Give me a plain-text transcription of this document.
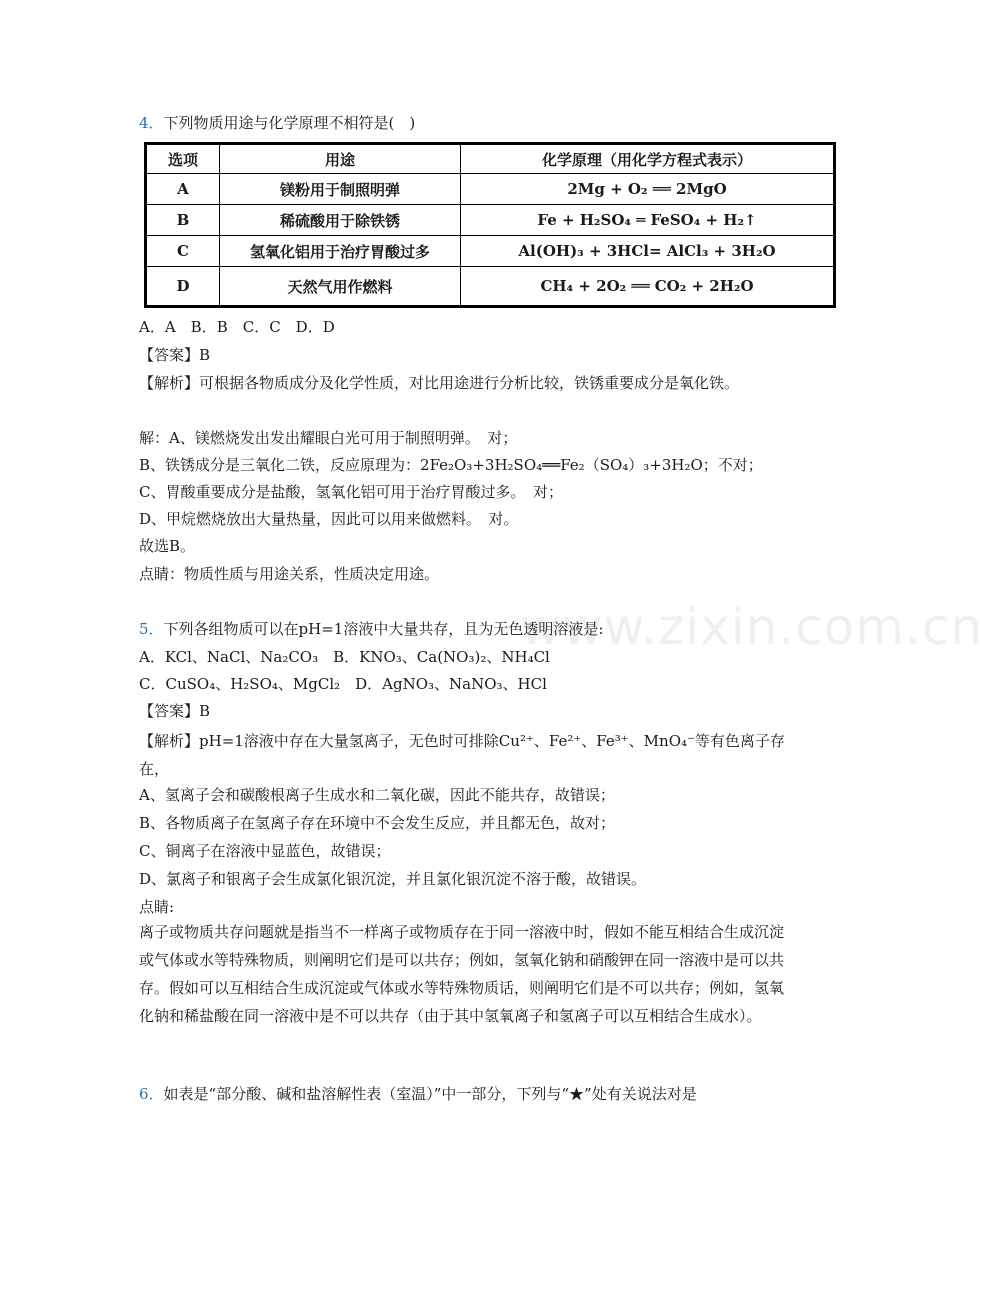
www.zixin.com.cn
4．下列物质用途与化学原理不相符是(　)
选项	用途	化学原理（用化学方程式表示）
A	镁粉用于制照明弹	2Mg + O₂ ══ 2MgO
B	稀硫酸用于除铁锈	Fe + H₂SO₄ ═ FeSO₄ + H₂↑
C	氢氧化铝用于治疗胃酸过多	Al(OH)₃ + 3HCl= AlCl₃ + 3H₂O
D	天然气用作燃料	CH₄ + 2O₂ ══ CO₂ + 2H₂O
A．A　B．B　C．C　D．D
【答案】B
【解析】可根据各物质成分及化学性质，对比用途进行分析比较，铁锈重要成分是氧化铁。
解：A、镁燃烧发出发出耀眼白光可用于制照明弹。　对；
B、铁锈成分是三氧化二铁，反应原理为：2Fe₂O₃+3H₂SO₄══Fe₂（SO₄）₃+3H₂O；不对；
C、胃酸重要成分是盐酸，氢氧化铝可用于治疗胃酸过多。　对；
D、甲烷燃烧放出大量热量，因此可以用来做燃料。　对。
故选B。
点睛：物质性质与用途关系，性质决定用途。
5．下列各组物质可以在pH=1溶液中大量共存，且为无色透明溶液是:
A．KCl、NaCl、Na₂CO₃　B．KNO₃、Ca(NO₃)₂、NH₄Cl
C．CuSO₄、H₂SO₄、MgCl₂　D．AgNO₃、NaNO₃、HCl
【答案】B
【解析】pH=1溶液中存在大量氢离子，无色时可排除Cu²⁺、Fe²⁺、Fe³⁺、MnO₄⁻等有色离子存在，
A、氢离子会和碳酸根离子生成水和二氧化碳，因此不能共存，故错误；
B、各物质离子在氢离子存在环境中不会发生反应，并且都无色，故对；
C、铜离子在溶液中显蓝色，故错误；
D、氯离子和银离子会生成氯化银沉淀，并且氯化银沉淀不溶于酸，故错误。
点睛:
离子或物质共存问题就是指当不一样离子或物质存在于同一溶液中时，假如不能互相结合生成沉淀或气体或水等特殊物质，则阐明它们是可以共存；例如，氢氧化钠和硝酸钾在同一溶液中是可以共存。假如可以互相结合生成沉淀或气体或水等特殊物质话，则阐明它们是不可以共存；例如，氢氧化钠和稀盐酸在同一溶液中是不可以共存（由于其中氢氧离子和氢离子可以互相结合生成水）。
6．如表是“部分酸、碱和盐溶解性表（室温）”中一部分，下列与“★”处有关说法对是
